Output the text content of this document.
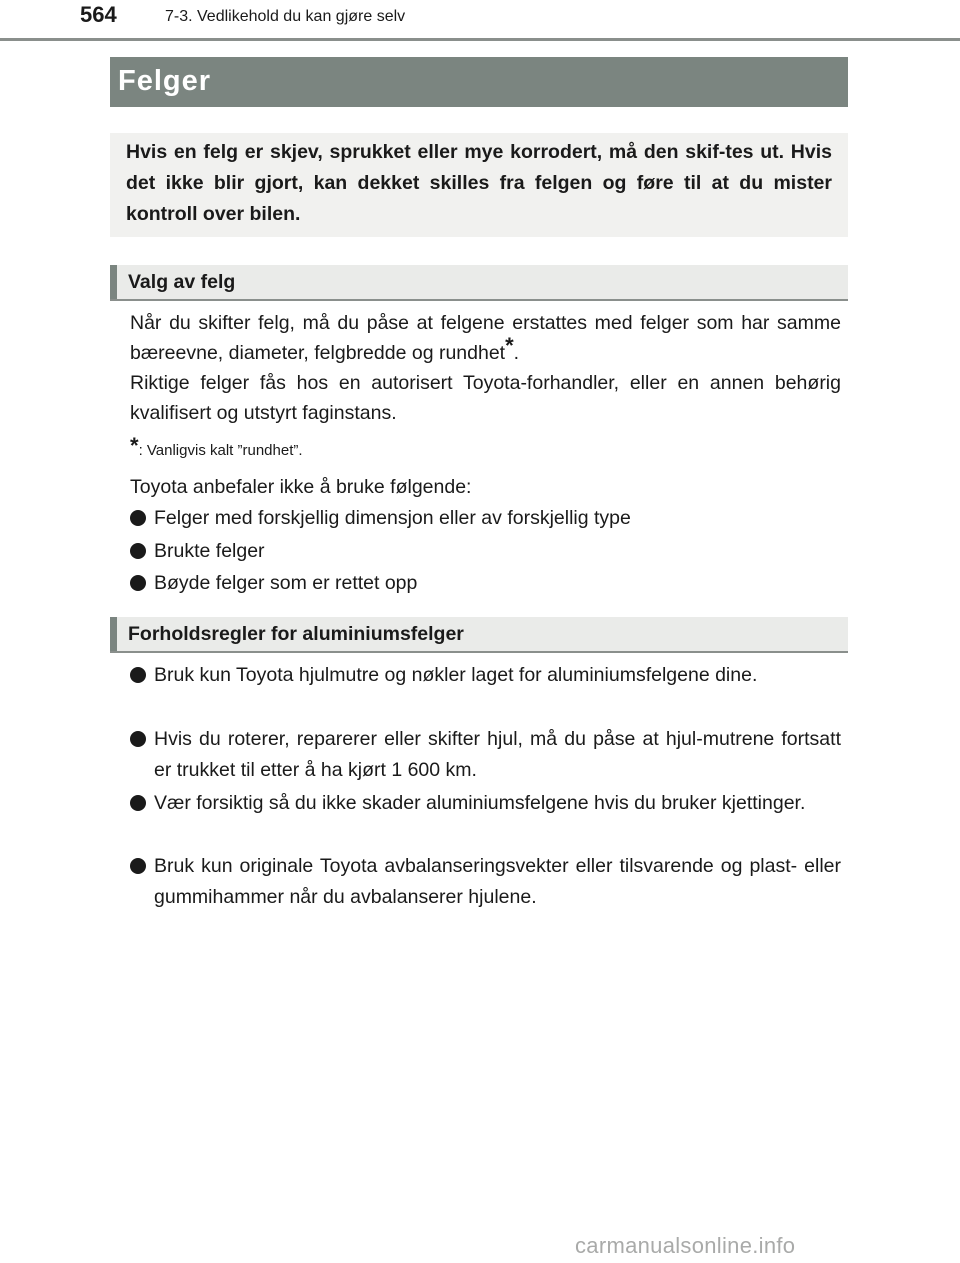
564	7-3. Vedlikehold du kan gjøre selv
Felger

Hvis en felg er skjev, sprukket eller mye korrodert, må den skif-tes ut. Hvis det ikke blir gjort, kan dekket skilles fra felgen og føre til at du mister kontroll over bilen.

Valg av felg

Når du skifter felg, må du påse at felgene erstattes med felger som har samme bæreevne, diameter, felgbredde og rundhet*.

Riktige felger fås hos en autorisert Toyota-forhandler, eller en annen behørig kvalifisert og utstyrt faginstans.

*: Vanligvis kalt ”rundhet”.

Toyota anbefaler ikke å bruke følgende:

Felger med forskjellig dimensjon eller av forskjellig type
Brukte felger
Bøyde felger som er rettet opp
Forholdsregler for aluminiumsfelger
Bruk kun Toyota hjulmutre og nøkler laget for aluminiumsfelgene dine.
Hvis du roterer, reparerer eller skifter hjul, må du påse at hjul-mutrene fortsatt er trukket til etter å ha kjørt 1 600 km.
Vær forsiktig så du ikke skader aluminiumsfelgene hvis du bruker kjettinger.
Bruk kun originale Toyota avbalanseringsvekter eller tilsvarende og plast- eller gummihammer når du avbalanserer hjulene.
carmanualsonline.info
